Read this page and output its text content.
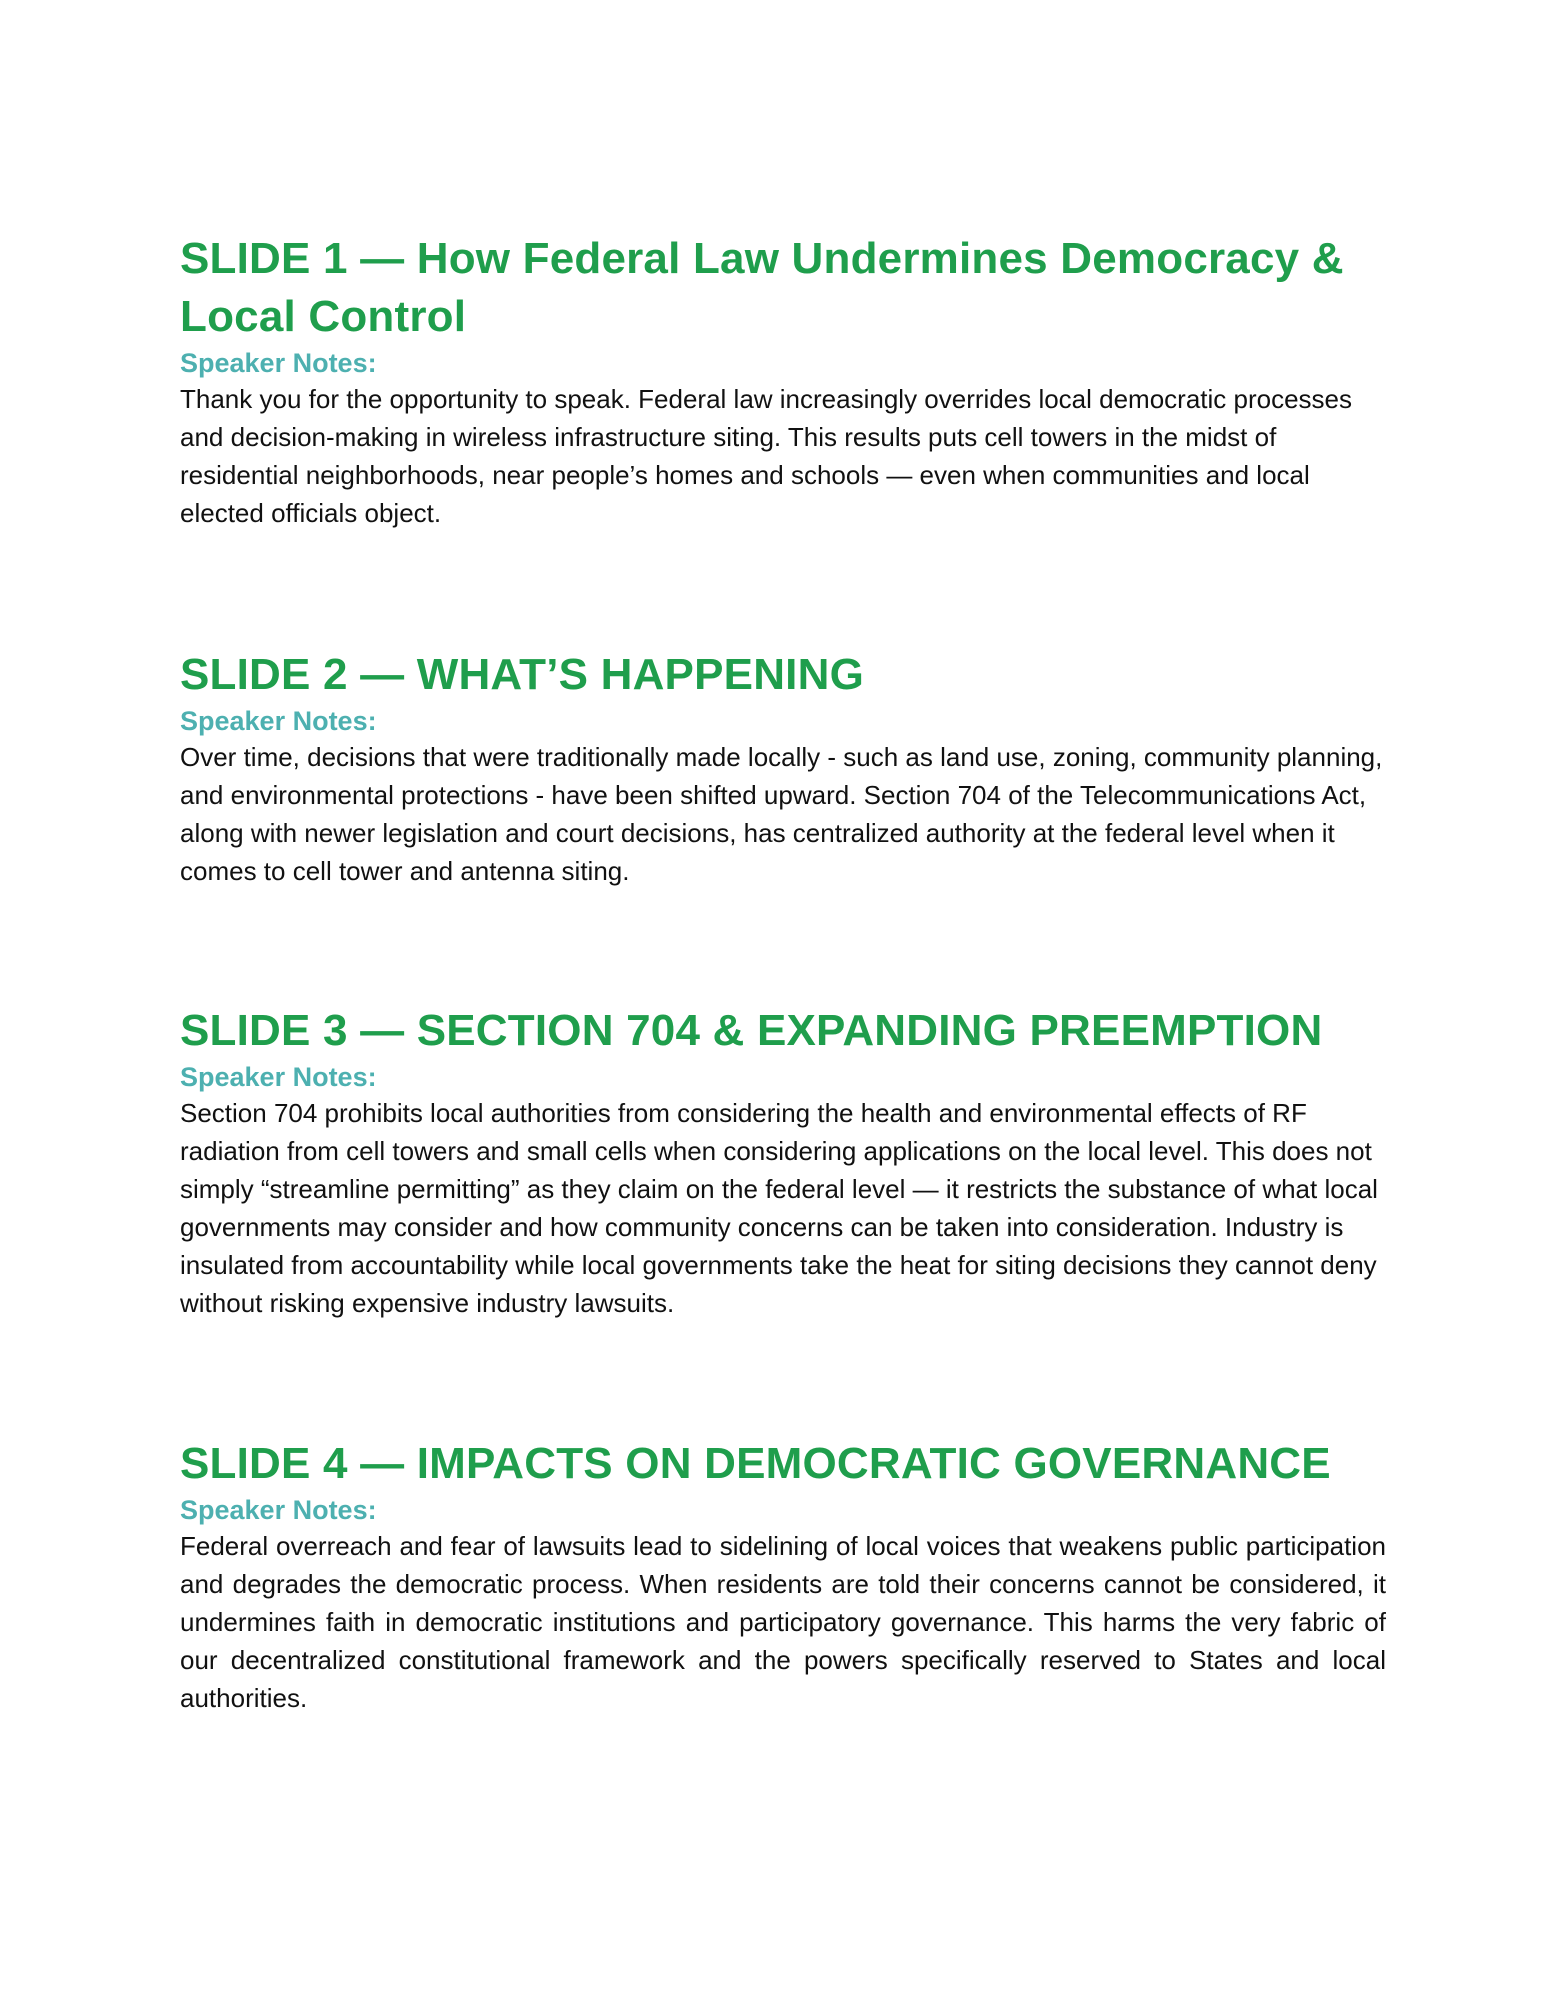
SLIDE 1 — How Federal Law Undermines Democracy & Local Control
Speaker Notes:

Thank you for the opportunity to speak. Federal law increasingly overrides local democratic processes and decision-making in wireless infrastructure siting. This results puts cell towers in the midst of residential neighborhoods, near people’s homes and schools — even when communities and local elected officials object.

SLIDE 2 — WHAT’S HAPPENING
Speaker Notes:

Over time, decisions that were traditionally made locally - such as land use, zoning, community planning, and environmental protections - have been shifted upward. Section 704 of the Telecommunications Act, along with newer legislation and court decisions, has centralized authority at the federal level when it comes to cell tower and antenna siting.

SLIDE 3 — SECTION 704 & EXPANDING PREEMPTION
Speaker Notes:

Section 704 prohibits local authorities from considering the health and environmental effects of RF radiation from cell towers and small cells when considering applications on the local level. This does not simply “streamline permitting” as they claim on the federal level — it restricts the substance of what local governments may consider and how community concerns can be taken into consideration. Industry is insulated from accountability while local governments take the heat for siting decisions they cannot deny without risking expensive industry lawsuits.

SLIDE 4 — IMPACTS ON DEMOCRATIC GOVERNANCE
Speaker Notes:

Federal overreach and fear of lawsuits lead to sidelining of local voices that weakens public participation and degrades the democratic process. When residents are told their concerns cannot be considered, it undermines faith in democratic institutions and participatory governance. This harms the very fabric of our decentralized constitutional framework and the powers specifically reserved to States and local authorities.
